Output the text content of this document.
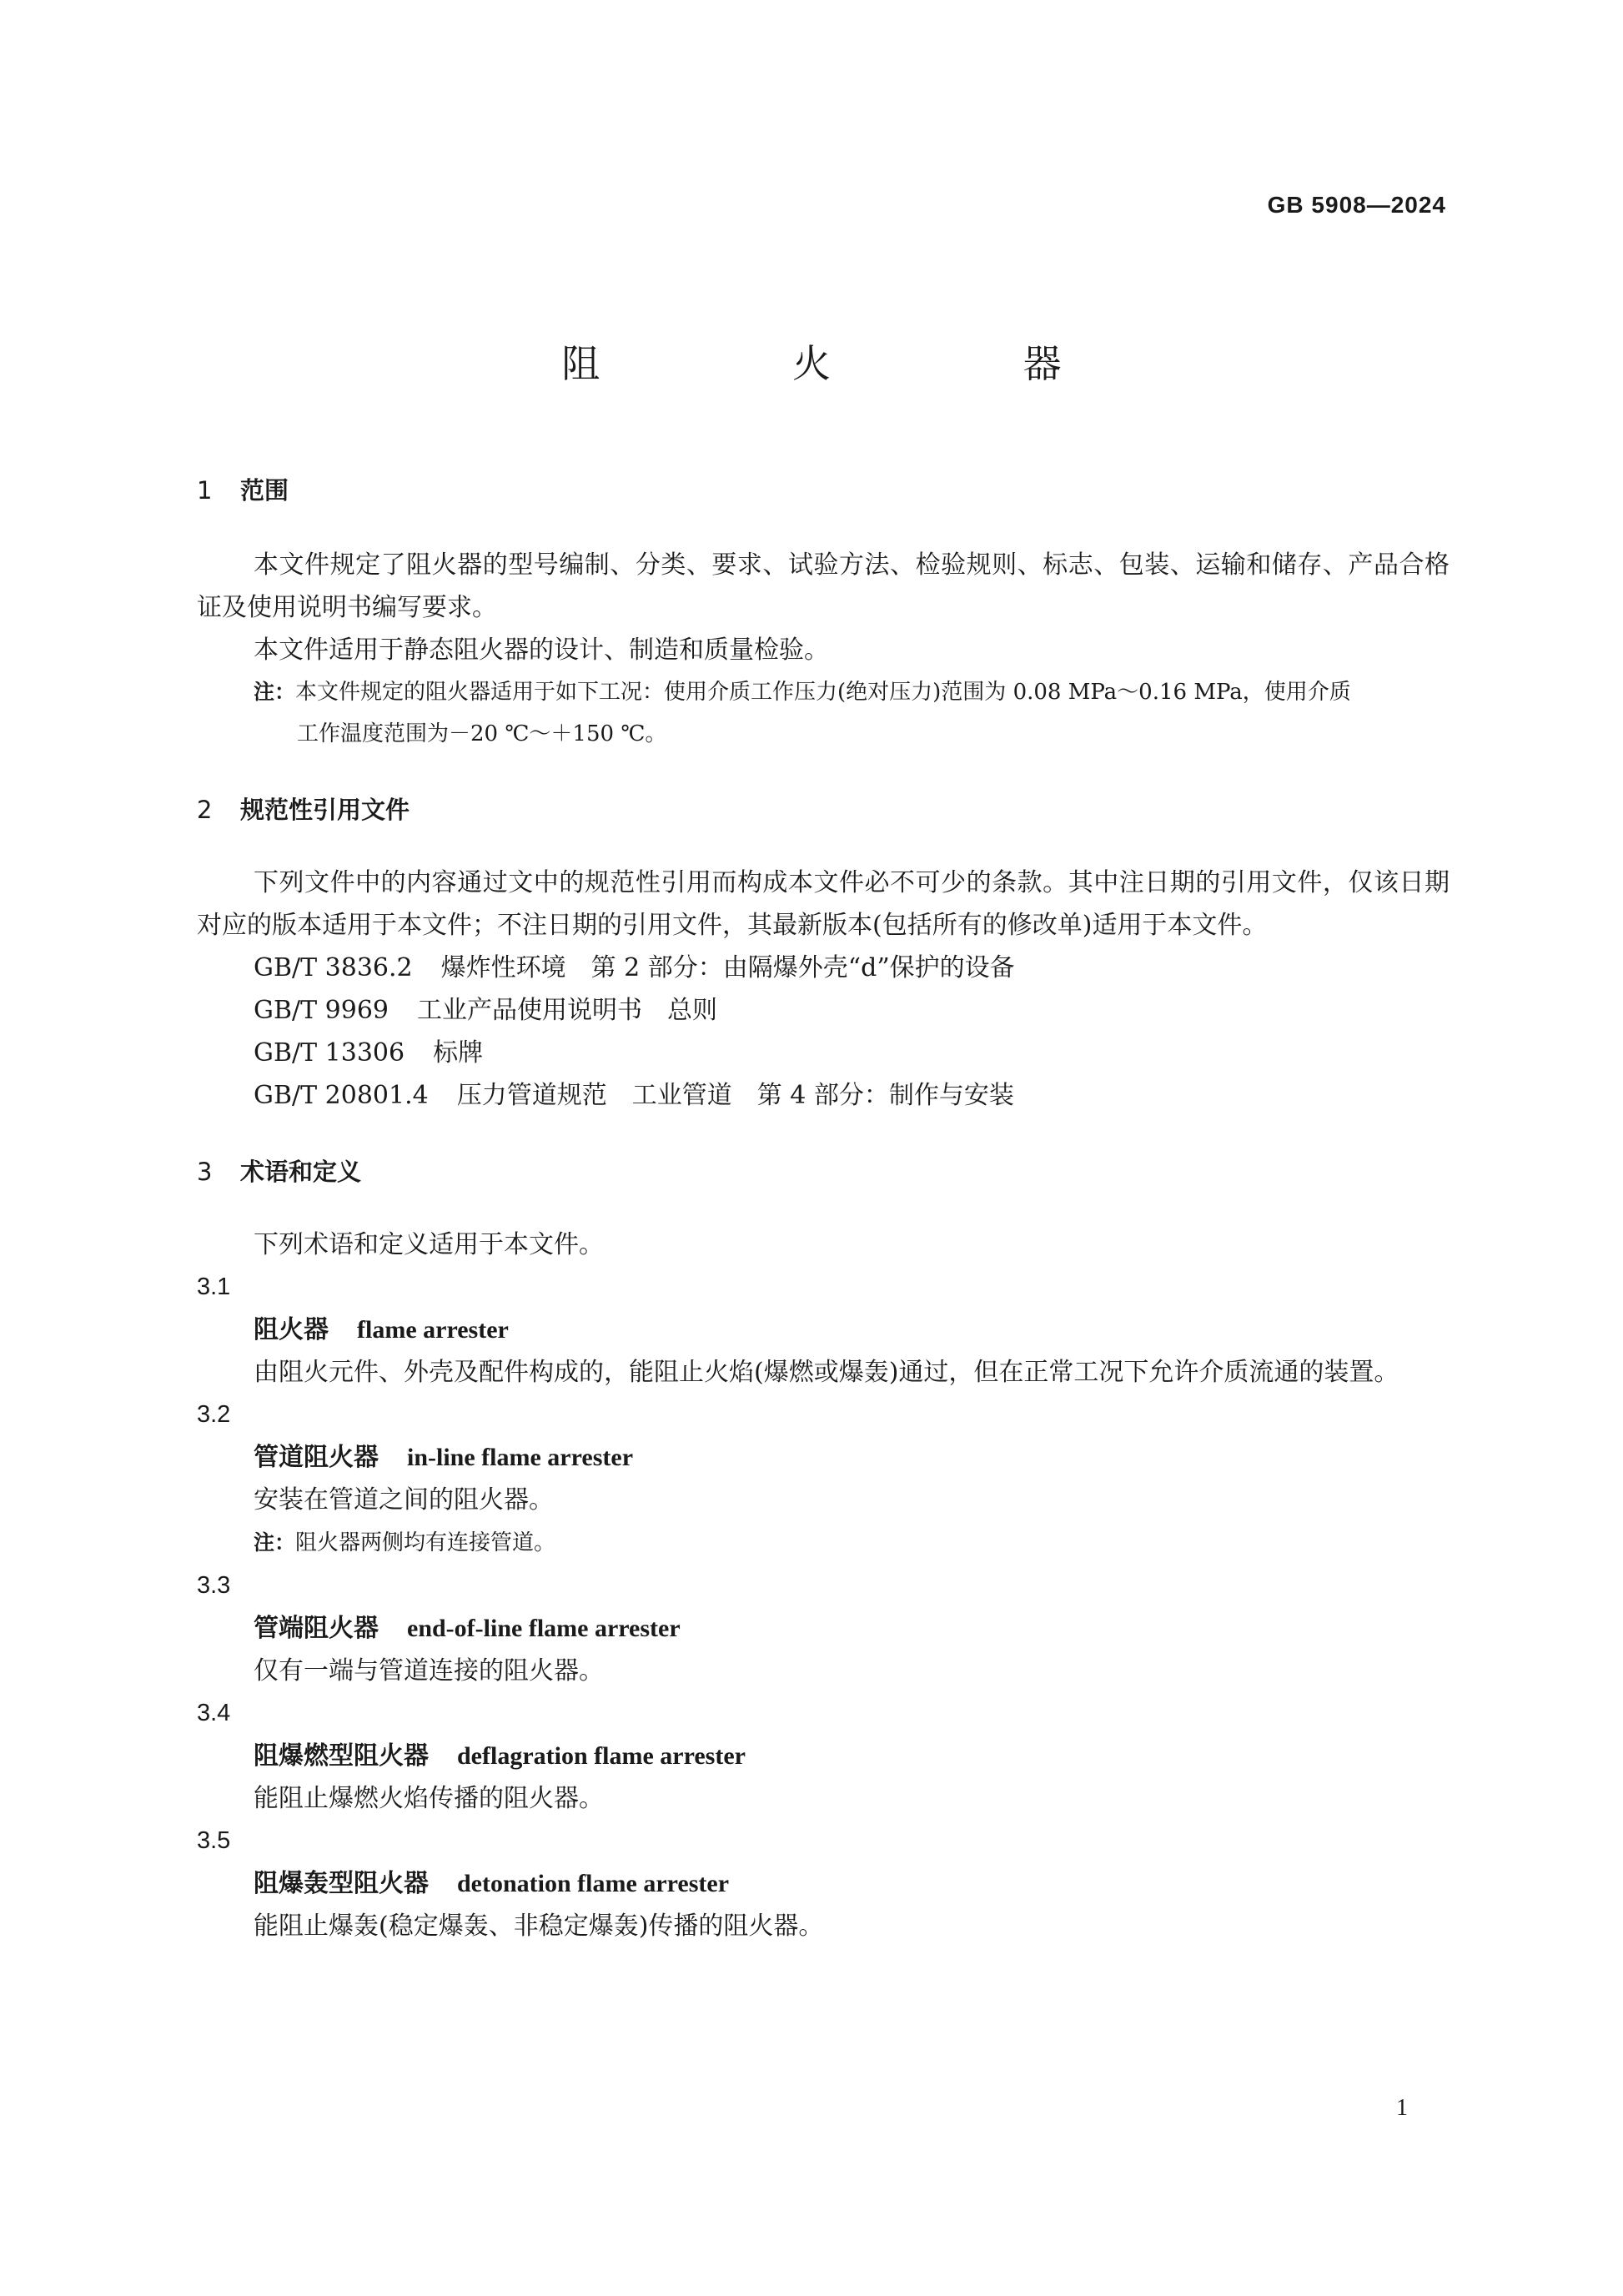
GB 5908—2024
阻 火 器
1 范围

本文件规定了阻火器的型号编制、分类、要求、试验方法、检验规则、标志、包装、运输和储存、产品合格证及使用说明书编写要求。

本文件适用于静态阻火器的设计、制造和质量检验。

注：本文件规定的阻火器适用于如下工况：使用介质工作压力(绝对压力)范围为 0.08 MPa～0.16 MPa，使用介质
工作温度范围为－20 ℃～＋150 ℃。

2 规范性引用文件

下列文件中的内容通过文中的规范性引用而构成本文件必不可少的条款。其中注日期的引用文件，仅该日期对应的版本适用于本文件；不注日期的引用文件，其最新版本(包括所有的修改单)适用于本文件。

GB/T 3836.2 爆炸性环境　第 2 部分：由隔爆外壳“d”保护的设备

GB/T 9969 工业产品使用说明书　总则

GB/T 13306 标牌

GB/T 20801.4 压力管道规范　工业管道　第 4 部分：制作与安装

3 术语和定义

下列术语和定义适用于本文件。

3.1

阻火器 flame arrester

由阻火元件、外壳及配件构成的，能阻止火焰(爆燃或爆轰)通过，但在正常工况下允许介质流通的装置。

3.2

管道阻火器 in-line flame arrester

安装在管道之间的阻火器。

注：阻火器两侧均有连接管道。

3.3

管端阻火器 end-of-line flame arrester

仅有一端与管道连接的阻火器。

3.4

阻爆燃型阻火器 deflagration flame arrester

能阻止爆燃火焰传播的阻火器。

3.5

阻爆轰型阻火器 detonation flame arrester

能阻止爆轰(稳定爆轰、非稳定爆轰)传播的阻火器。

1
